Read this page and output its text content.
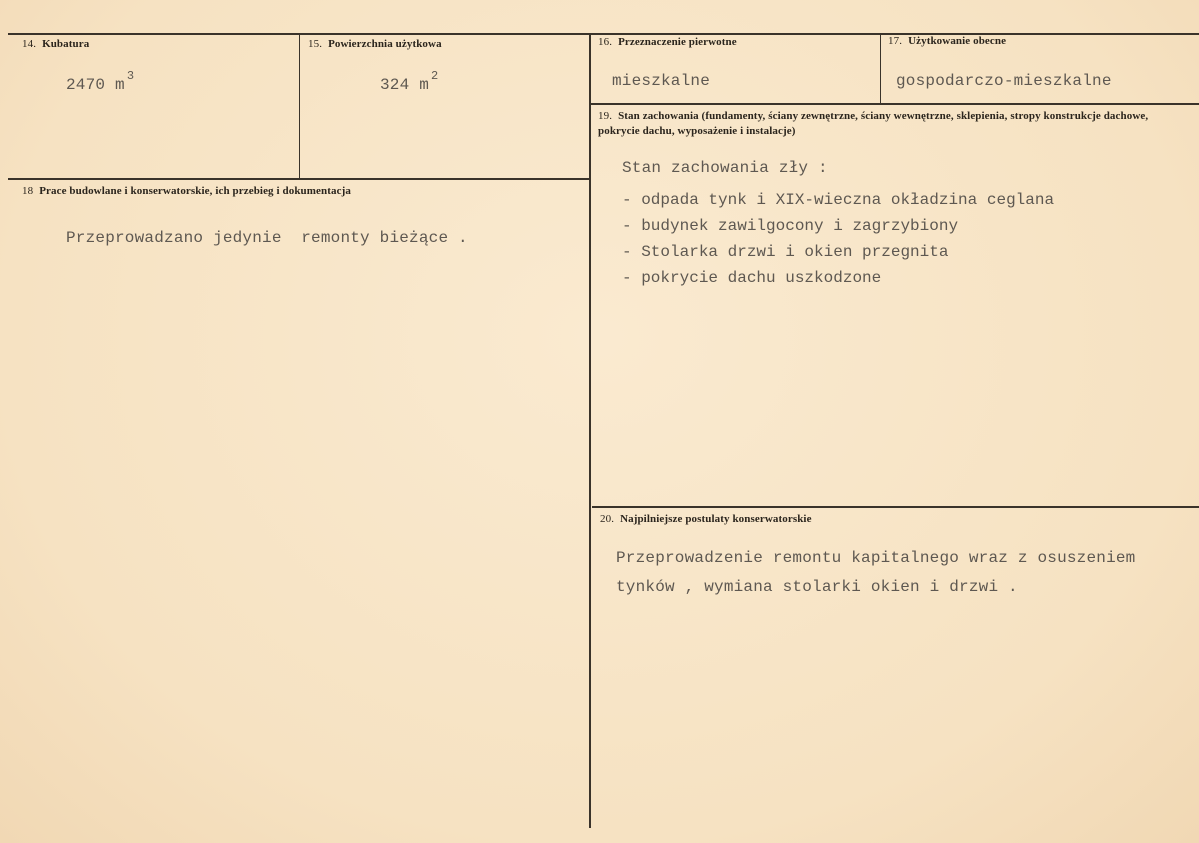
14. Kubatura
2470 m $^3$
15. Powierzchnia użytkowa
324 m $^2$
16. Przeznaczenie pierwotne
mieszkalne
17. Użytkowanie obecne
gospodarczo-mieszkalne
18 Prace budowlane i konserwatorskie, ich przebieg i dokumentacja
Przeprowadzano jedynie  remonty bieżące .
19. Stan zachowania (fundamenty, ściany zewnętrzne, ściany wewnętrzne, sklepienia, stropy konstrukcje dachowe, pokrycie dachu, wyposażenie i instalacje)
Stan zachowania zły :
- odpada tynk i XIX-wieczna okładzina ceglana
- budynek zawilgocony i zagrzybiony
- Stolarka drzwi i okien przegnita
- pokrycie dachu uszkodzone
20. Najpilniejsze postulaty konserwatorskie
Przeprowadzenie remontu kapitalnego wraz z osuszeniem
tynków , wymiana stolarki okien i drzwi .
